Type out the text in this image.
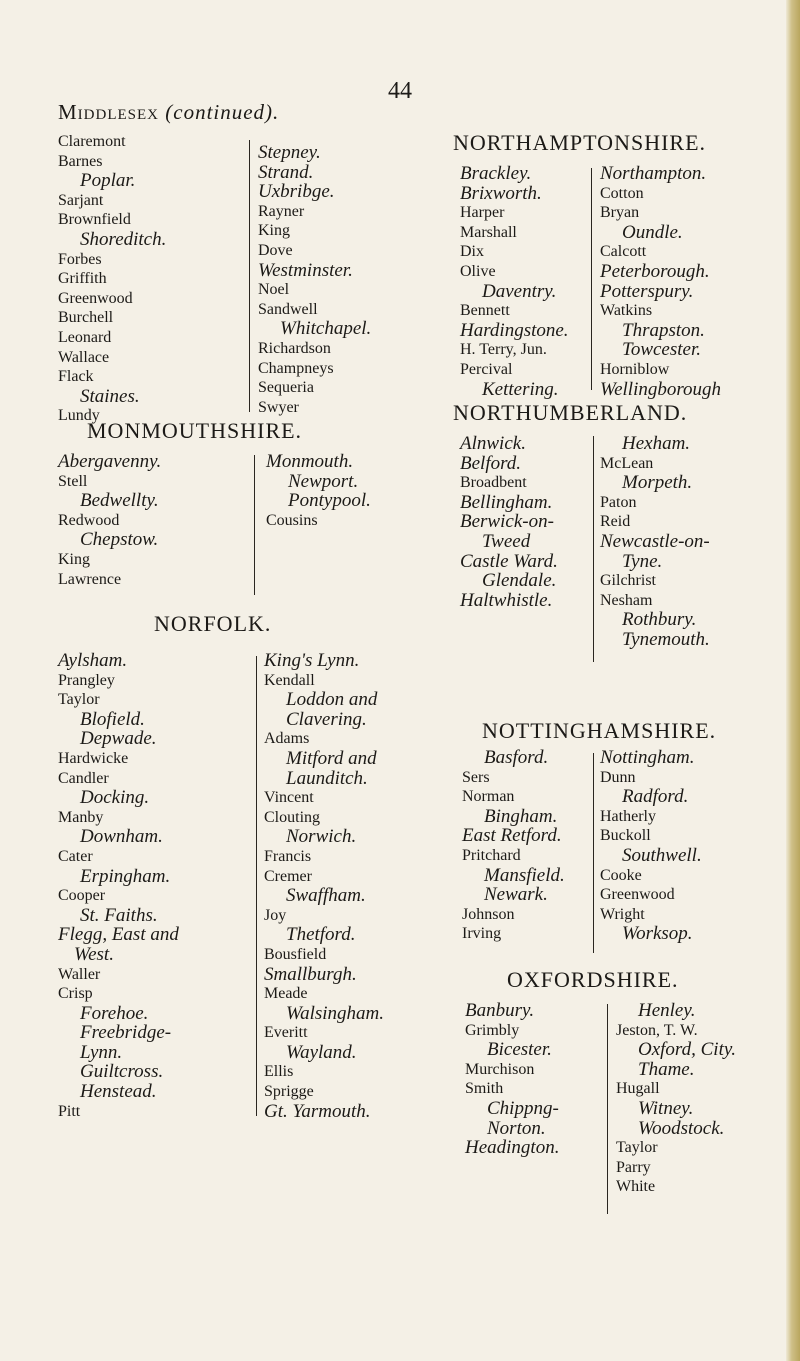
44
Middlesex (continued).
Claremont
Barnes
Poplar.
Sarjant
Brownfield
Shoreditch.
Forbes
Griffith
Greenwood
Burchell
Leonard
Wallace
Flack
Staines.
Lundy
Stepney.
Strand.
Uxbribge.
Rayner
King
Dove
Westminster.
Noel
Sandwell
Whitchapel.
Richardson
Champneys
Sequeria
Swyer
MONMOUTHSHIRE.
Abergavenny.
Stell
Bedwellty.
Redwood
Chepstow.
King
Lawrence
Monmouth.
Newport.
Pontypool.
Cousins
NORFOLK.
Aylsham.
Prangley
Taylor
Blofield.
Depwade.
Hardwicke
Candler
Docking.
Manby
Downham.
Cater
Erpingham.
Cooper
St. Faiths.
Flegg, East and
West.
Waller
Crisp
Forehoe.
Freebridge-
Lynn.
Guiltcross.
Henstead.
Pitt
King's Lynn.
Kendall
Loddon and
Clavering.
Adams
Mitford and
Launditch.
Vincent
Clouting
Norwich.
Francis
Cremer
Swaffham.
Joy
Thetford.
Bousfield
Smallburgh.
Meade
Walsingham.
Everitt
Wayland.
Ellis
Sprigge
Gt. Yarmouth.
NORTHAMPTONSHIRE.
Brackley.
Brixworth.
Harper
Marshall
Dix
Olive
Daventry.
Bennett
Hardingstone.
H. Terry, Jun.
Percival
Kettering.
Northampton.
Cotton
Bryan
Oundle.
Calcott
Peterborough.
Potterspury.
Watkins
Thrapston.
Towcester.
Horniblow
Wellingborough
NORTHUMBERLAND.
Alnwick.
Belford.
Broadbent
Bellingham.
Berwick-on-
Tweed
Castle Ward.
Glendale.
Haltwhistle.
Hexham.
McLean
Morpeth.
Paton
Reid
Newcastle-on-
Tyne.
Gilchrist
Nesham
Rothbury.
Tynemouth.
NOTTINGHAMSHIRE.
Basford.
Sers
Norman
Bingham.
East Retford.
Pritchard
Mansfield.
Newark.
Johnson
Irving
Nottingham.
Dunn
Radford.
Hatherly
Buckoll
Southwell.
Cooke
Greenwood
Wright
Worksop.
OXFORDSHIRE.
Banbury.
Grimbly
Bicester.
Murchison
Smith
Chippng-
Norton.
Headington.
Henley.
Jeston, T. W.
Oxford, City.
Thame.
Hugall
Witney.
Woodstock.
Taylor
Parry
White
